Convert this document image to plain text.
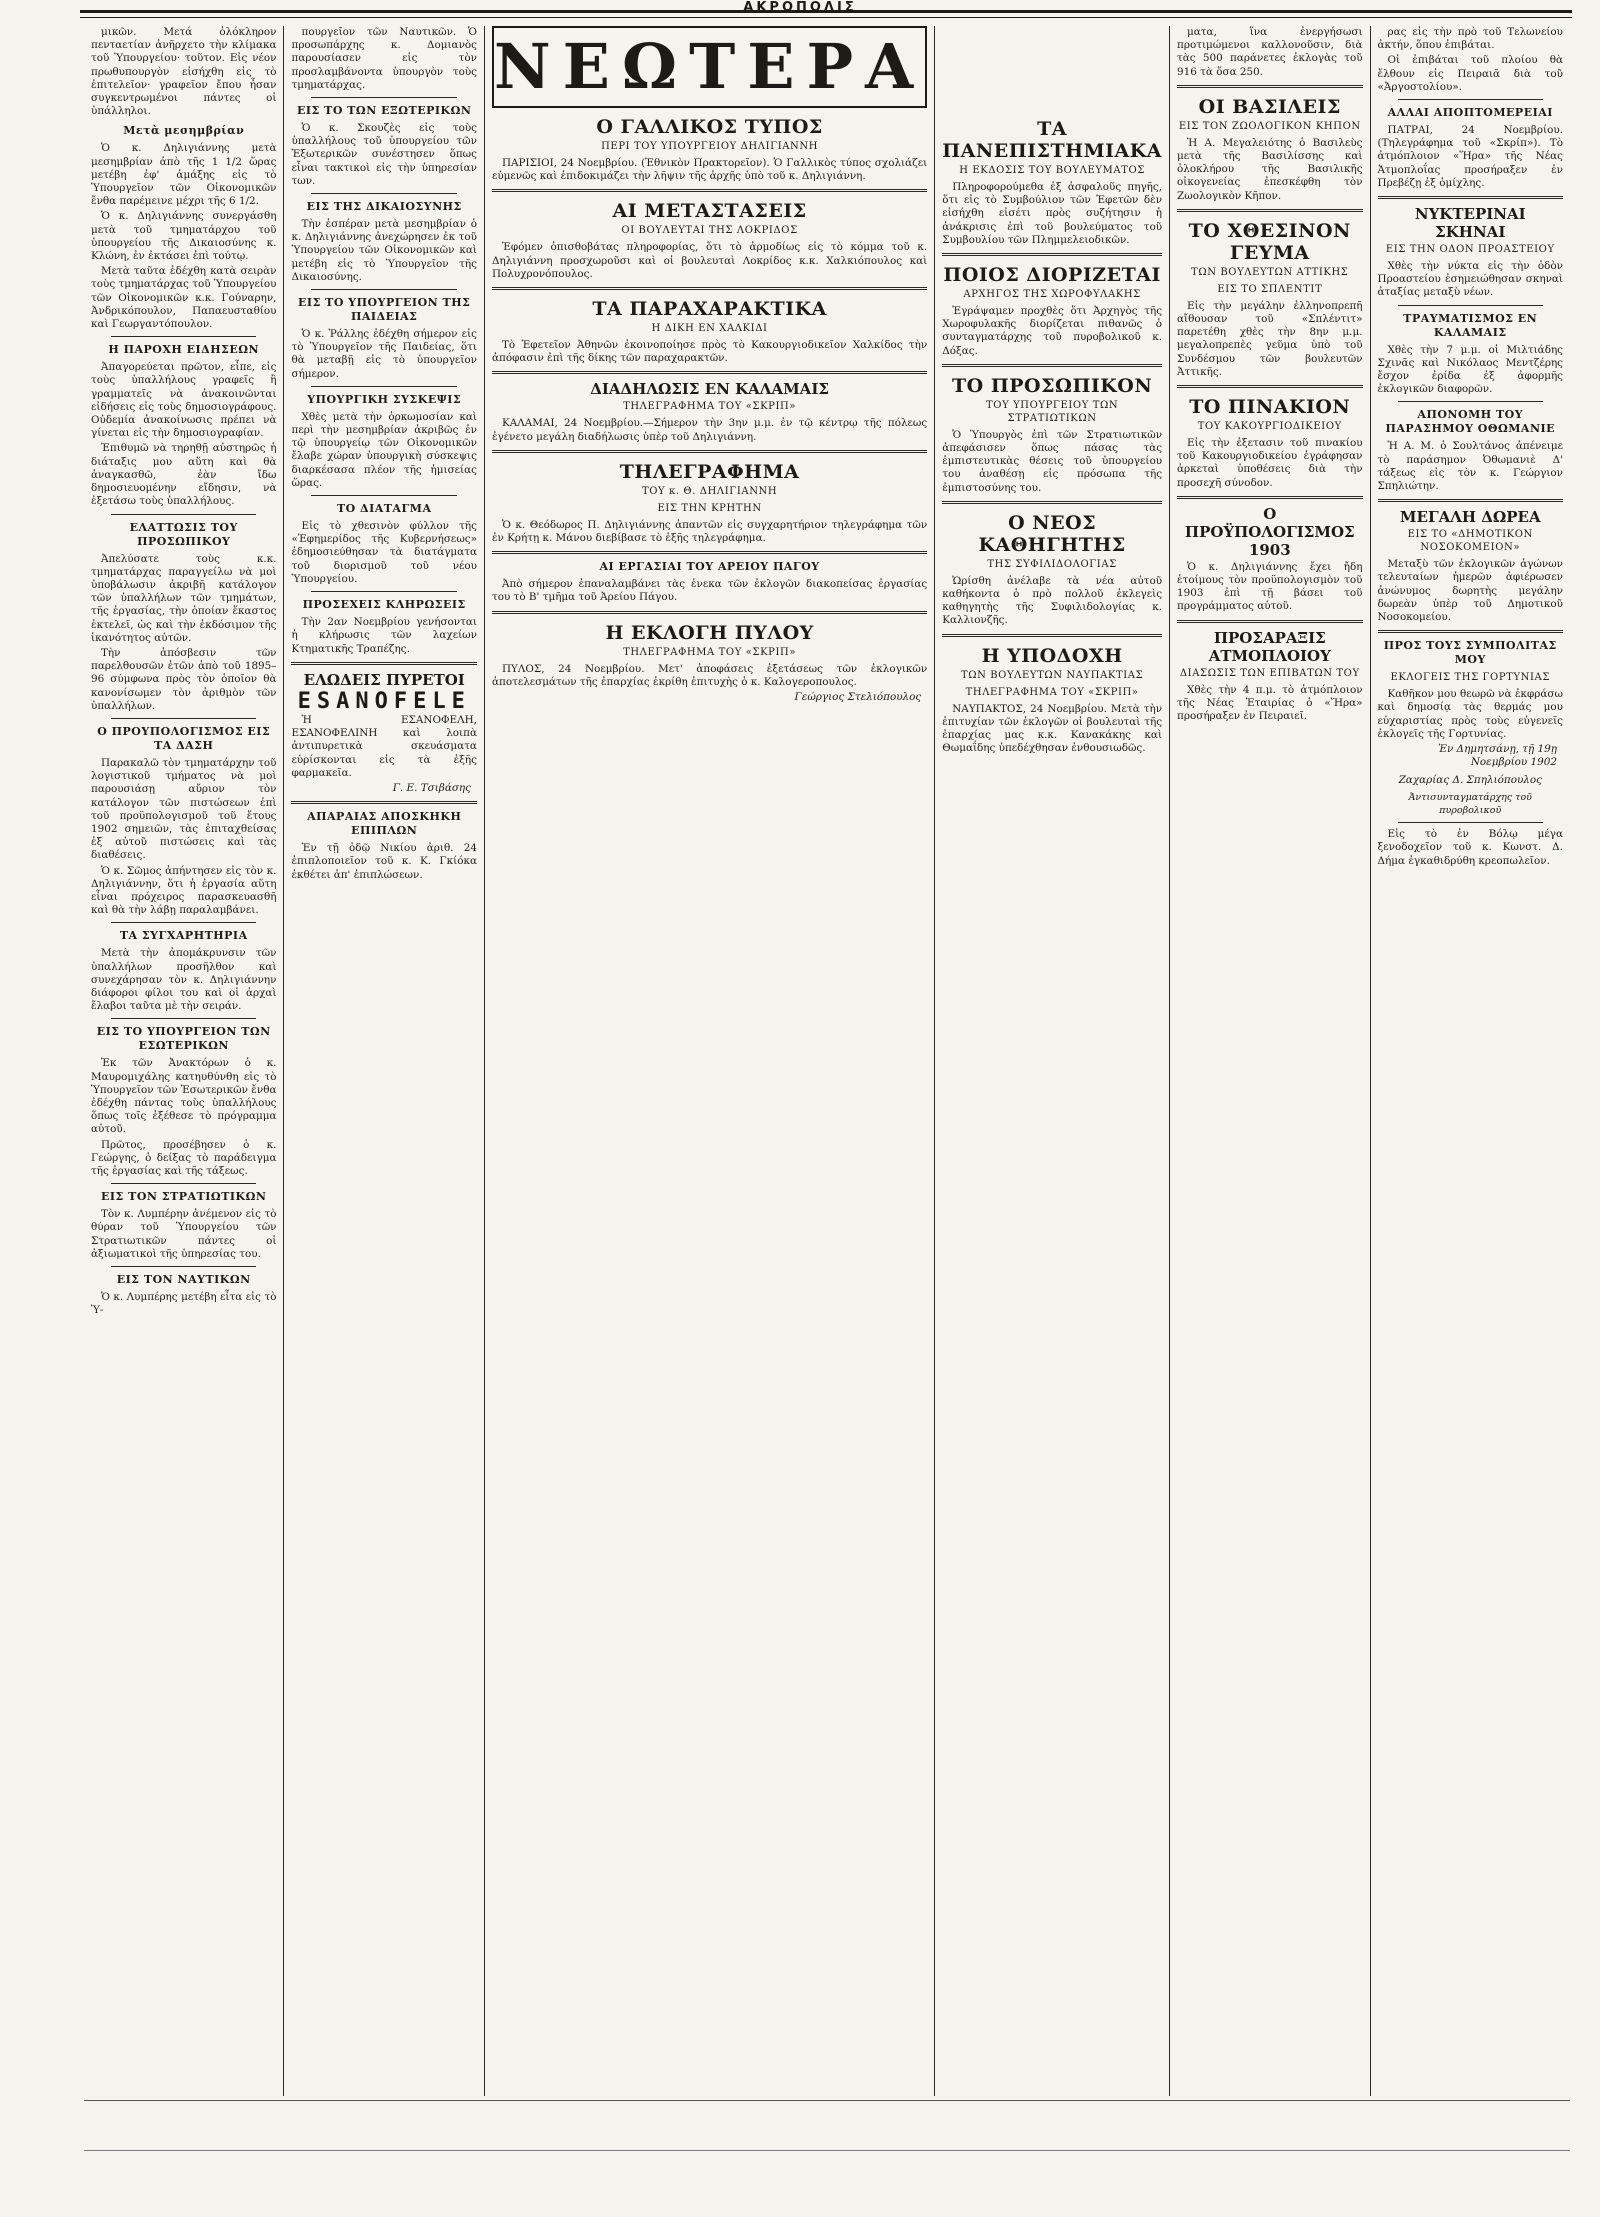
ΑΚΡΟΠΟΛΙΣ

μικῶν. Μετά ὁλόκληρον πενταετίαν ἀνῆρχετο τὴν κλίμακα τοῦ Ὑπουργείου· τοῦτον. Εἰς νέον πρωθυπουργὸν εἰσήχθη εἰς τὸ ἐπιτελεῖον· γραφεῖον ἔπου ἦσαν συγκεντρωμένοι πάντες οἱ ὑπάλληλοι.

Μετὰ μεσημβρίαν

Ὁ κ. Δηλιγιάννης μετὰ μεσημβρίαν ἀπὸ τῆς 1 1/2 ὥρας μετέβη ἐφ' ἁμάξης εἰς τὸ Ὑπουργεῖον τῶν Οἰκονομικῶν ἔνθα παρέμεινε μέχρι τῆς 6 1/2.

Ὁ κ. Δηλιγιάννης συνεργάσθη μετὰ τοῦ τμηματάρχου τοῦ ὑπουργείου τῆς Δικαιοσύνης κ. Κλώνη, ἐν ἐκτάσει ἐπὶ τούτῳ.

Μετὰ ταῦτα ἐδέχθη κατὰ σειρὰν τοὺς τμηματάρχας τοῦ Ὑπουργείου τῶν Οἰκονομικῶν κ.κ. Γούναρην, Ἀνδρικόπουλον, Παπαευσταθίου καὶ Γεωργαντόπουλον.

Η ΠΑΡΟΧΗ ΕΙΔΗΣΕΩΝ

Ἀπαγορεύεται πρῶτον, εἶπε, εἰς τοὺς ὑπαλλήλους γραφεῖς ἢ γραμματεῖς νὰ ἀνακοινῶνται εἰδήσεις εἰς τοὺς δημοσιογράφους. Οὐδεμία ἀνακοίνωσις πρέπει νὰ γίνεται εἰς τὴν δημοσιογραφίαν.

Ἐπιθυμῶ νὰ τηρηθῇ αὐστηρῶς ἡ διάταξις μου αὕτη καὶ θὰ ἀναγκασθῶ, ἐὰν ἴδω δημοσιευομένην εἴδησιν, νὰ ἐξετάσω τοὺς ὑπαλλήλους.

ΕΛΑΤΤΩΣΙΣ ΤΟΥ ΠΡΟΣΩΠΙΚΟΥ

Ἀπελύσατε τοὺς κ.κ. τμηματάρχας παραγγείλω νὰ μοὶ ὑποβάλωσιν ἀκριβῆ κατάλογον τῶν ὑπαλλήλων τῶν τμημάτων, τῆς ἐργασίας, τὴν ὁποίαν ἕκαστος ἐκτελεῖ, ὡς καὶ τὴν ἐκδόσιμον τῆς ἱκανότητος αὐτῶν.

Τὴν ἀπόσβεσιν τῶν παρελθουσῶν ἐτῶν ἀπὸ τοῦ 1895–96 σύμφωνα πρὸς τὸν ὁποῖον θὰ κανονίσωμεν τὸν ἀριθμὸν τῶν ὑπαλλήλων.

Ο ΠΡΟΥΠΟΛΟΓΙΣΜΟΣ ΕΙΣ ΤΑ ΔΑΣΗ

Παρακαλῶ τὸν τμηματάρχην τοῦ λογιστικοῦ τμήματος νὰ μοὶ παρουσιάσῃ αὔριον τὸν κατάλογον τῶν πιστώσεων ἐπὶ τοῦ προϋπολογισμοῦ τοῦ ἔτους 1902 σημειῶν, τὰς ἐπιταχθείσας ἐξ αὐτοῦ πιστώσεις καὶ τὰς διαθέσεις.

Ὁ κ. Σῶμος ἀπήντησεν εἰς τὸν κ. Δηλιγιάννην, ὅτι ἡ ἐργασία αὕτη εἶναι πρόχειρος παρασκευασθῆ καὶ θὰ τὴν λάβῃ παραλαμβάνει.

ΤΑ ΣΥΓΧΑΡΗΤΗΡΙΑ

Μετὰ τὴν ἀπομάκρυνσιν τῶν ὑπαλλήλων προσῆλθον καὶ συνεχάρησαν τὸν κ. Δηλιγιάννην διάφοροι φίλοι του καὶ οἱ ἀρχαὶ ἔλαβοι ταῦτα μὲ τὴν σειράν.

ΕΙΣ ΤΟ ΥΠΟΥΡΓΕΙΟΝ ΤΩΝ ΕΣΩΤΕΡΙΚΩΝ

Ἐκ τῶν Ἀνακτόρων ὁ κ. Μαυρομιχάλης κατηυθύνθη εἰς τὸ Ὑπουργεῖον τῶν Ἐσωτερικῶν ἔνθα ἐδέχθη πάντας τοὺς ὑπαλλήλους ὅπως τοῖς ἐξέθεσε τὸ πρόγραμμα αὐτοῦ.

Πρῶτος, προσέβησεν ὁ κ. Γεώργης, ὁ δείξας τὸ παράδειγμα τῆς ἐργασίας καὶ τῆς τάξεως.

ΕΙΣ ΤΟΝ ΣΤΡΑΤΙΩΤΙΚΩΝ

Τὸν κ. Λυμπέρην ἀνέμενον εἰς τὸ θύραν τοῦ Ὑπουργείου τῶν Στρατιωτικῶν πάντες οἱ ἀξιωματικοὶ τῆς ὑπηρεσίας του.

ΕΙΣ ΤΟΝ ΝΑΥΤΙΚΩΝ

Ὁ κ. Λυμπέρης μετέβη εἶτα εἰς τὸ Ὑ-

πουργεῖον τῶν Ναυτικῶν. Ὁ προσωπάρχης κ. Δομιανὸς παρουσίασεν εἰς τὸν προσλαμβάνοντα ὑπουργὸν τοὺς τμηματάρχας.

ΕΙΣ ΤΟ ΤΩΝ ΕΞΩΤΕΡΙΚΩΝ

Ὁ κ. Σκουζὲς εἰς τοὺς ὑπαλλήλους τοῦ ὑπουργείου τῶν Ἐξωτερικῶν συνέστησεν ὅπως εἶναι τακτικοὶ εἰς τὴν ὑπηρεσίαν των.

ΕΙΣ ΤΗΣ ΔΙΚΑΙΟΣΥΝΗΣ

Τὴν ἑσπέραν μετὰ μεσημβρίαν ὁ κ. Δηλιγιάννης ἀνεχώρησεν ἐκ τοῦ Ὑπουργείου τῶν Οἰκονομικῶν καὶ μετέβη εἰς τὸ Ὑπουργεῖον τῆς Δικαιοσύνης.

ΕΙΣ ΤΟ ΥΠΟΥΡΓΕΙΟΝ ΤΗΣ ΠΑΙΔΕΙΑΣ

Ὁ κ. Ῥάλλης ἐδέχθη σήμερον εἰς τὸ Ὑπουργεῖον τῆς Παιδείας, ὅτι θὰ μεταβῇ εἰς τὸ ὑπουργεῖον σήμερον.

ΥΠΟΥΡΓΙΚΗ ΣΥΣΚΕΨΙΣ

Χθὲς μετὰ τὴν ὁρκωμοσίαν καὶ περὶ τὴν μεσημβρίαν ἀκριβῶς ἐν τῷ ὑπουργείῳ τῶν Οἰκονομικῶν ἔλαβε χώραν ὑπουργικὴ σύσκεψις διαρκέσασα πλέον τῆς ἡμισείας ὥρας.

ΤΟ ΔΙΑΤΑΓΜΑ

Εἰς τὸ χθεσινὸν φύλλον τῆς «Ἐφημερίδος τῆς Κυβερνήσεως» ἐδημοσιεύθησαν τὰ διατάγματα τοῦ διορισμοῦ τοῦ νέου Ὑπουργείου.

ΠΡΟΣΕΧΕΙΣ ΚΛΗΡΩΣΕΙΣ

Τὴν 2αν Νοεμβρίου γενήσονται ἡ κλήρωσις τῶν λαχείων Κτηματικῆς Τραπέζης.

ΕΛΩΔΕΙΣ ΠΥΡΕΤΟΙ
ESANOFELE

Ἡ ΕΣΑΝΟΦΕΛΗ, ΕΣΑΝΟΦΕΛΙΝΗ καὶ λοιπὰ ἀντιπυρετικὰ σκευάσματα εὑρίσκονται εἰς τὰ ἑξῆς φαρμακεῖα.

Γ. Ε. Τσιβάσης
ΑΠΑΡΑΙΑΣ ΑΠΟΣΚΗΚΗ ΕΠΙΠΛΩΝ

Ἐν τῇ ὁδῷ Νικίου ἀριθ. 24 ἐπιπλοποιεῖον τοῦ κ. Κ. Γκίόκα ἐκθέτει ἀπ' ἐπιπλώσεων.

ΝΕΩΤΕΡΑ
Ο ΓΑΛΛΙΚΟΣ ΤΥΠΟΣ
ΠΕΡΙ ΤΟΥ ΥΠΟΥΡΓΕΙΟΥ ΔΗΛΙΓΙΑΝΝΗ

ΠΑΡΙΣΙΟΙ, 24 Νοεμβρίου. (Ἐθνικὸν Πρακτορεῖον). Ὁ Γαλλικὸς τύπος σχολιάζει εὐμενῶς καὶ ἐπιδοκιμάζει τὴν λῆψιν τῆς ἀρχῆς ὑπὸ τοῦ κ. Δηλιγιάννη.

ΑΙ ΜΕΤΑΣΤΑΣΕΙΣ
ΟΙ ΒΟΥΛΕΥΤΑΙ ΤΗΣ ΛΟΚΡΙΔΟΣ

Ἐφόμεν ὀπισθοβάτας πληροφορίας, ὅτι τὸ ἀρμοδίως εἰς τὸ κόμμα τοῦ κ. Δηλιγιάννη προσχωροῦσι καὶ οἱ βουλευταὶ Λοκρίδος κ.κ. Χαλκιόπουλος καὶ Πολυχρονόπουλος.

ΤΑ ΠΑΡΑΧΑΡΑΚΤΙΚΑ
Η ΔΙΚΗ ΕΝ ΧΑΛΚΙΔΙ

Τὸ Ἐφετεῖον Ἀθηνῶν ἐκοινοποίησε πρὸς τὸ Κακουργιοδικεῖον Χαλκίδος τὴν ἀπόφασιν ἐπὶ τῆς δίκης τῶν παραχαρακτῶν.

ΔΙΑΔΗΛΩΣΙΣ ΕΝ ΚΑΛΑΜΑΙΣ
ΤΗΛΕΓΡΑΦΗΜΑ ΤΟΥ «ΣΚΡΙΠ»

ΚΑΛΑΜΑΙ, 24 Νοεμβρίου.—Σήμερον τὴν 3ην μ.μ. ἐν τῷ κέντρῳ τῆς πόλεως ἐγένετο μεγάλη διαδήλωσις ὑπὲρ τοῦ Δηλιγιάννη.

ΤΗΛΕΓΡΑΦΗΜΑ
ΤΟΥ κ. Θ. ΔΗΛΙΓΙΑΝΝΗ
ΕΙΣ ΤΗΝ ΚΡΗΤΗΝ

Ὁ κ. Θεόδωρος Π. Δηλιγιάννης ἀπαντῶν εἰς συγχαρητήριον τηλεγράφημα τῶν ἐν Κρήτῃ κ. Μάνου διεβίβασε τὸ ἑξῆς τηλεγράφημα.

ΑΙ ΕΡΓΑΣΙΑΙ ΤΟΥ ΑΡΕΙΟΥ ΠΑΓΟΥ

Ἀπὸ σήμερον ἐπαναλαμβάνει τὰς ἐνεκα τῶν ἐκλογῶν διακοπείσας ἐργασίας του τὸ Β' τμῆμα τοῦ Ἀρείου Πάγου.

Η ΕΚΛΟΓΗ ΠΥΛΟΥ
ΤΗΛΕΓΡΑΦΗΜΑ ΤΟΥ «ΣΚΡΙΠ»

ΠΥΛΟΣ, 24 Νοεμβρίου. Μετ' ἀποφάσεις ἐξετάσεως τῶν ἐκλογικῶν ἀποτελεσμάτων τῆς ἐπαρχίας ἐκρίθη ἐπιτυχὴς ὁ κ. Καλογεροπουλος.

Γεώργιος Στελιόπουλος
ΤΑ ΠΑΝΕΠΙΣΤΗΜΙΑΚΑ
Η ΕΚΔΟΣΙΣ ΤΟΥ ΒΟΥΛΕΥΜΑΤΟΣ

Πληροφορούμεθα ἐξ ἀσφαλοῦς πηγῆς, ὅτι εἰς τὸ Συμβούλιον τῶν Ἐφετῶν δὲν εἰσήχθη εἰσέτι πρὸς συζήτησιν ἡ ἀνάκρισις ἐπὶ τοῦ βουλεύματος τοῦ Συμβουλίου τῶν Πλημμελειοδικῶν.

ΠΟΙΟΣ ΔΙΟΡΙΖΕΤΑΙ
ΑΡΧΗΓΟΣ ΤΗΣ ΧΩΡΟΦΥΛΑΚΗΣ

Ἐγράψαμεν προχθὲς ὅτι Ἀρχηγὸς τῆς Χωροφυλακῆς διορίζεται πιθανῶς ὁ συνταγματάρχης τοῦ πυροβολικοῦ κ. Δόξας.

ΤΟ ΠΡΟΣΩΠΙΚΟΝ
ΤΟΥ ΥΠΟΥΡΓΕΙΟΥ ΤΩΝ ΣΤΡΑΤΙΩΤΙΚΩΝ

Ὁ Ὑπουργὸς ἐπὶ τῶν Στρατιωτικῶν ἀπεφάσισεν ὅπως πάσας τὰς ἐμπιστευτικὰς θέσεις τοῦ ὑπουργείου του ἀναθέσῃ εἰς πρόσωπα τῆς ἐμπιστοσύνης του.

Ο ΝΕΟΣ ΚΑΘΗΓΗΤΗΣ
ΤΗΣ ΣΥΦΙΛΙΔΟΛΟΓΙΑΣ

Ὡρίσθη ἀνέλαβε τὰ νέα αὐτοῦ καθήκοντα ὁ πρὸ πολλοῦ ἐκλεγεὶς καθηγητὴς τῆς Συφιλιδολογίας κ. Καλλιονζῆς.

Η ΥΠΟΔΟΧΗ
ΤΩΝ ΒΟΥΛΕΥΤΩΝ ΝΑΥΠΑΚΤΙΑΣ
ΤΗΛΕΓΡΑΦΗΜΑ ΤΟΥ «ΣΚΡΙΠ»

ΝΑΥΠΑΚΤΟΣ, 24 Νοεμβρίου. Μετὰ τὴν ἐπιτυχίαν τῶν ἐκλογῶν οἱ βουλευταὶ τῆς ἐπαρχίας μας κ.κ. Κανακάκης καὶ Θωμαΐδης ὑπεδέχθησαν ἐνθουσιωδῶς.

ματα, ἵνα ἐνεργήσωσι προτιμώμενοι καλλονοῦσιν, διὰ τὰς 500 παράνετες ἐκλογὰς τοῦ 916 τὰ ὅσα 250.

ΟΙ ΒΑΣΙΛΕΙΣ
ΕΙΣ ΤΟΝ ΖΩΟΛΟΓΙΚΟΝ ΚΗΠΟΝ

Ἡ Α. Μεγαλειότης ὁ Βασιλεὺς μετὰ τῆς Βασιλίσσης καὶ ὁλοκλήρου τῆς Βασιλικῆς οἰκογενείας ἐπεσκέφθη τὸν Ζωολογικὸν Κῆπον.

ΤΟ ΧΘΕΣΙΝΟΝ ΓΕΥΜΑ
ΤΩΝ ΒΟΥΛΕΥΤΩΝ ΑΤΤΙΚΗΣ
ΕΙΣ ΤΟ ΣΠΛΕΝΤΙΤ

Εἰς τὴν μεγάλην ἑλληνοπρεπῆ αἴθουσαν τοῦ «Σπλέντιτ» παρετέθη χθὲς τὴν 8ην μ.μ. μεγαλοπρεπὲς γεῦμα ὑπὸ τοῦ Συνδέσμου τῶν βουλευτῶν Ἀττικῆς.

ΤΟ ΠΙΝΑΚΙΟΝ
ΤΟΥ ΚΑΚΟΥΡΓΙΟΔΙΚΕΙΟΥ

Εἰς τὴν ἐξετασιν τοῦ πινακίου τοῦ Κακουργιοδικείου ἐγράφησαν ἀρκεταὶ ὑποθέσεις διὰ τὴν προσεχῆ σύνοδον.

Ο ΠΡΟΫΠΟΛΟΓΙΣΜΟΣ 1903

Ὁ κ. Δηλιγιάννης ἔχει ἤδη ἑτοίμους τὸν προϋπολογισμὸν τοῦ 1903 ἐπὶ τῇ βάσει τοῦ προγράμματος αὐτοῦ.

ΠΡΟΣΑΡΑΞΙΣ ΑΤΜΟΠΛΟΙΟΥ
ΔΙΑΣΩΣΙΣ ΤΩΝ ΕΠΙΒΑΤΩΝ ΤΟΥ

Χθὲς τὴν 4 π.μ. τὸ ἀτμόπλοιον τῆς Νέας Ἑταιρίας ὁ «Ἥρα» προσήραξεν ἐν Πειραιεῖ.

ρας εἰς τὴν πρὸ τοῦ Τελωνείου ἀκτήν, ὅπου ἐπιβάται.

Οἱ ἐπιβάται τοῦ πλοίου θὰ ἔλθουν εἰς Πειραιᾶ διὰ τοῦ «Ἀργοστολίου».

ΑΛΛΑΙ ΑΠΟΠΤΟΜΕΡΕΙΑΙ

ΠΑΤΡΑΙ, 24 Νοεμβρίου. (Τηλεγράφημα τοῦ «Σκρίπ»). Τὸ ἀτμόπλοιον «Ἥρα» τῆς Νέας Ἀτμοπλοΐας προσήραξεν ἐν Πρεβέζῃ ἐξ ὀμίχλης.

ΝΥΚΤΕΡΙΝΑΙ ΣΚΗΝΑΙ
ΕΙΣ ΤΗΝ ΟΔΟΝ ΠΡΟΑΣΤΕΙΟΥ

Χθὲς τὴν νύκτα εἰς τὴν ὁδὸν Προαστείου ἐσημειώθησαν σκηναὶ ἀταξίας μεταξὺ νέων.

ΤΡΑΥΜΑΤΙΣΜΟΣ ΕΝ ΚΑΛΑΜΑΙΣ

Χθὲς τὴν 7 μ.μ. οἱ Μιλτιάδης Σχινᾶς καὶ Νικόλαος Μεντζέρης ἔσχον ἐρίδα ἐξ ἀφορμῆς ἐκλογικῶν διαφορῶν.

ΑΠΟΝΟΜΗ ΤΟΥ ΠΑΡΑΣΗΜΟΥ ΟΘΩΜΑΝΙΕ

Ἡ Α. Μ. ὁ Σουλτάνος ἀπένειμε τὸ παράσημον Ὀθωμανιὲ Δ' τάξεως εἰς τὸν κ. Γεώργιον Σπηλιώτην.

ΜΕΓΑΛΗ ΔΩΡΕΑ
ΕΙΣ ΤΟ «ΔΗΜΟΤΙΚΟΝ ΝΟΣΟΚΟΜΕΙΟΝ»

Μεταξὺ τῶν ἐκλογικῶν ἀγώνων τελευταίων ἡμερῶν ἀφιέρωσεν ἀνώνυμος δωρητὴς μεγάλην δωρεὰν ὑπὲρ τοῦ Δημοτικοῦ Νοσοκομείου.

ΠΡΟΣ ΤΟΥΣ ΣΥΜΠΟΛΙΤΑΣ ΜΟΥ
ΕΚΛΟΓΕΙΣ ΤΗΣ ΓΟΡΤΥΝΙΑΣ

Καθῆκον μου θεωρῶ νὰ ἐκφράσω καὶ δημοσίᾳ τὰς θερμάς μου εὐχαριστίας πρὸς τοὺς εὐγενεῖς ἐκλογεῖς τῆς Γορτυνίας.

Ἐν Δημητσάνῃ, τῇ 19ῃ Νοεμβρίου 1902
Ζαχαρίας Δ. Σπηλιόπουλος
Ἀντισυνταγματάρχης τοῦ πυροβολικοῦ

Εἰς τὸ ἐν Βόλῳ μέγα ξενοδοχεῖον τοῦ κ. Κωνστ. Δ. Δήμα ἐγκαθιδρύθη κρεοπωλεῖον.
